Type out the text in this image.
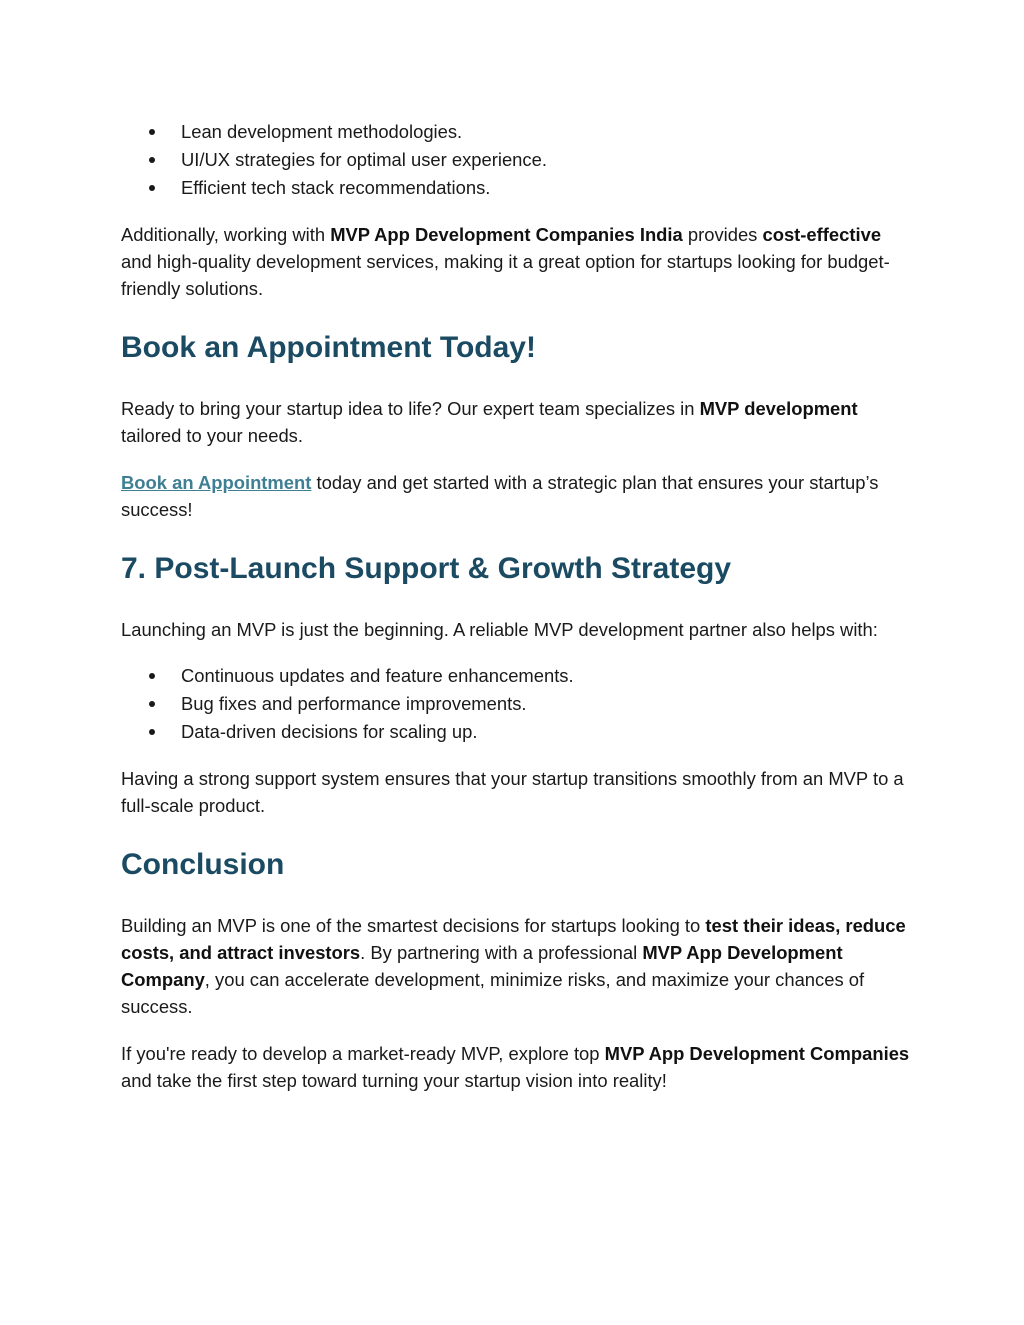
Lean development methodologies.
UI/UX strategies for optimal user experience.
Efficient tech stack recommendations.

Additionally, working with MVP App Development Companies India provides cost-effective and high-quality development services, making it a great option for startups looking for budget-friendly solutions.

Book an Appointment Today!

Ready to bring your startup idea to life? Our expert team specializes in MVP development tailored to your needs.

Book an Appointment today and get started with a strategic plan that ensures your startup’s success!

7. Post-Launch Support & Growth Strategy

Launching an MVP is just the beginning. A reliable MVP development partner also helps with:

Continuous updates and feature enhancements.
Bug fixes and performance improvements.
Data-driven decisions for scaling up.

Having a strong support system ensures that your startup transitions smoothly from an MVP to a full-scale product.

Conclusion

Building an MVP is one of the smartest decisions for startups looking to test their ideas, reduce costs, and attract investors. By partnering with a professional MVP App Development Company, you can accelerate development, minimize risks, and maximize your chances of success.

If you're ready to develop a market-ready MVP, explore top MVP App Development Companies and take the first step toward turning your startup vision into reality!
